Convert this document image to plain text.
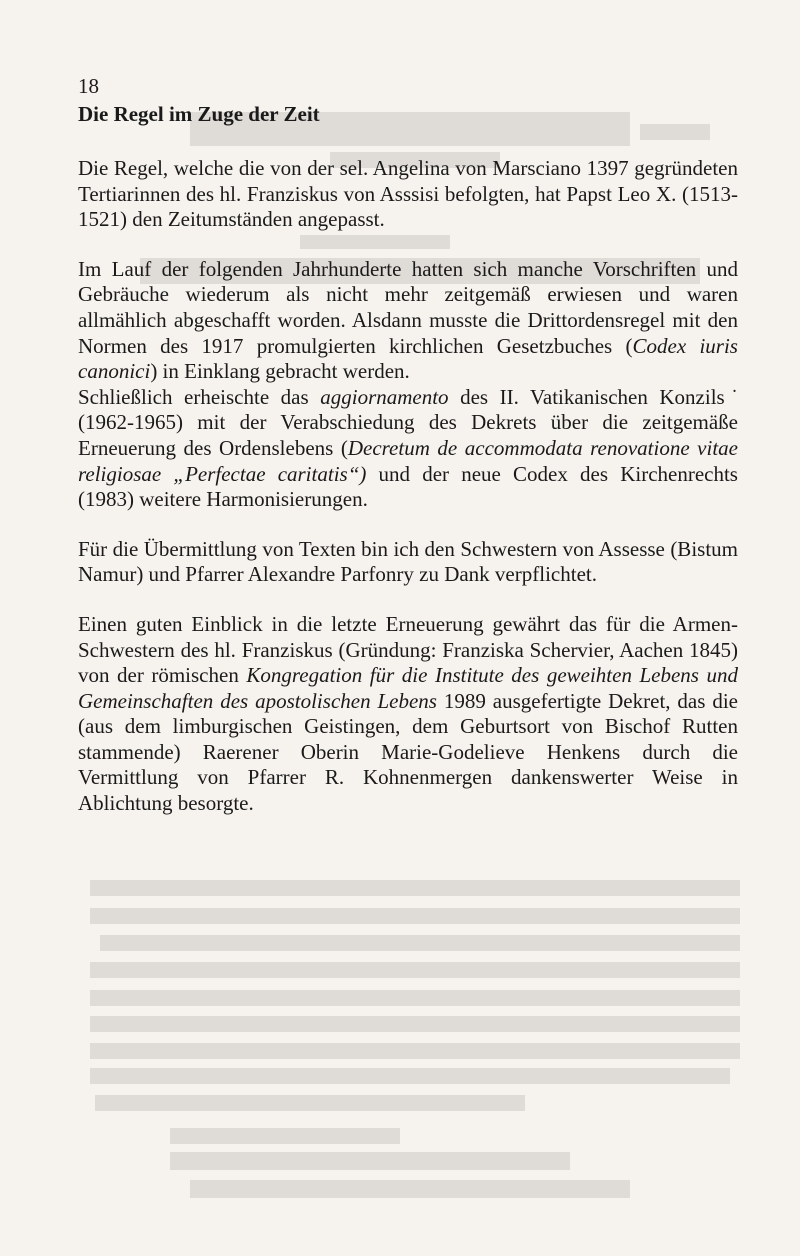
18

Die Regel im Zuge der Zeit

Die Regel, welche die von der sel. Angelina von Marsciano 1397 gegründeten Tertiarinnen des hl. Franziskus von Asssisi befolgten, hat Papst Leo X. (1513-1521) den Zeitumständen angepasst.

Im Lauf der folgenden Jahrhunderte hatten sich manche Vorschriften und Gebräuche wiederum als nicht mehr zeitgemäß erwiesen und waren allmählich abgeschafft worden. Alsdann musste die Drittordensregel mit den Normen des 1917 promulgierten kirchlichen Gesetzbuches (Codex iuris canonici) in Einklang gebracht werden.

Schließlich erheischte das aggiornamento des II. Vatikanischen Konzils˙ (1962-1965) mit der Verabschiedung des Dekrets über die zeitgemäße Erneuerung des Ordenslebens (Decretum de accommodata renovatione vitae religiosae „Perfectae caritatis“) und der neue Codex des Kirchenrechts (1983) weitere Harmonisierungen.

Für die Übermittlung von Texten bin ich den Schwestern von Assesse (Bistum Namur) und Pfarrer Alexandre Parfonry zu Dank verpflichtet.

Einen guten Einblick in die letzte Erneuerung gewährt das für die Armen-Schwestern des hl. Franziskus (Gründung: Franziska Schervier, Aachen 1845) von der römischen Kongregation für die Institute des geweihten Lebens und Gemeinschaften des apostolischen Lebens 1989 ausgefertigte Dekret, das die (aus dem limburgischen Geistingen, dem Geburtsort von Bischof Rutten stammende) Raerener Oberin Marie-Godelieve Henkens durch die Vermittlung von Pfarrer R. Kohnenmergen dankenswerter Weise in Ablichtung besorgte.
